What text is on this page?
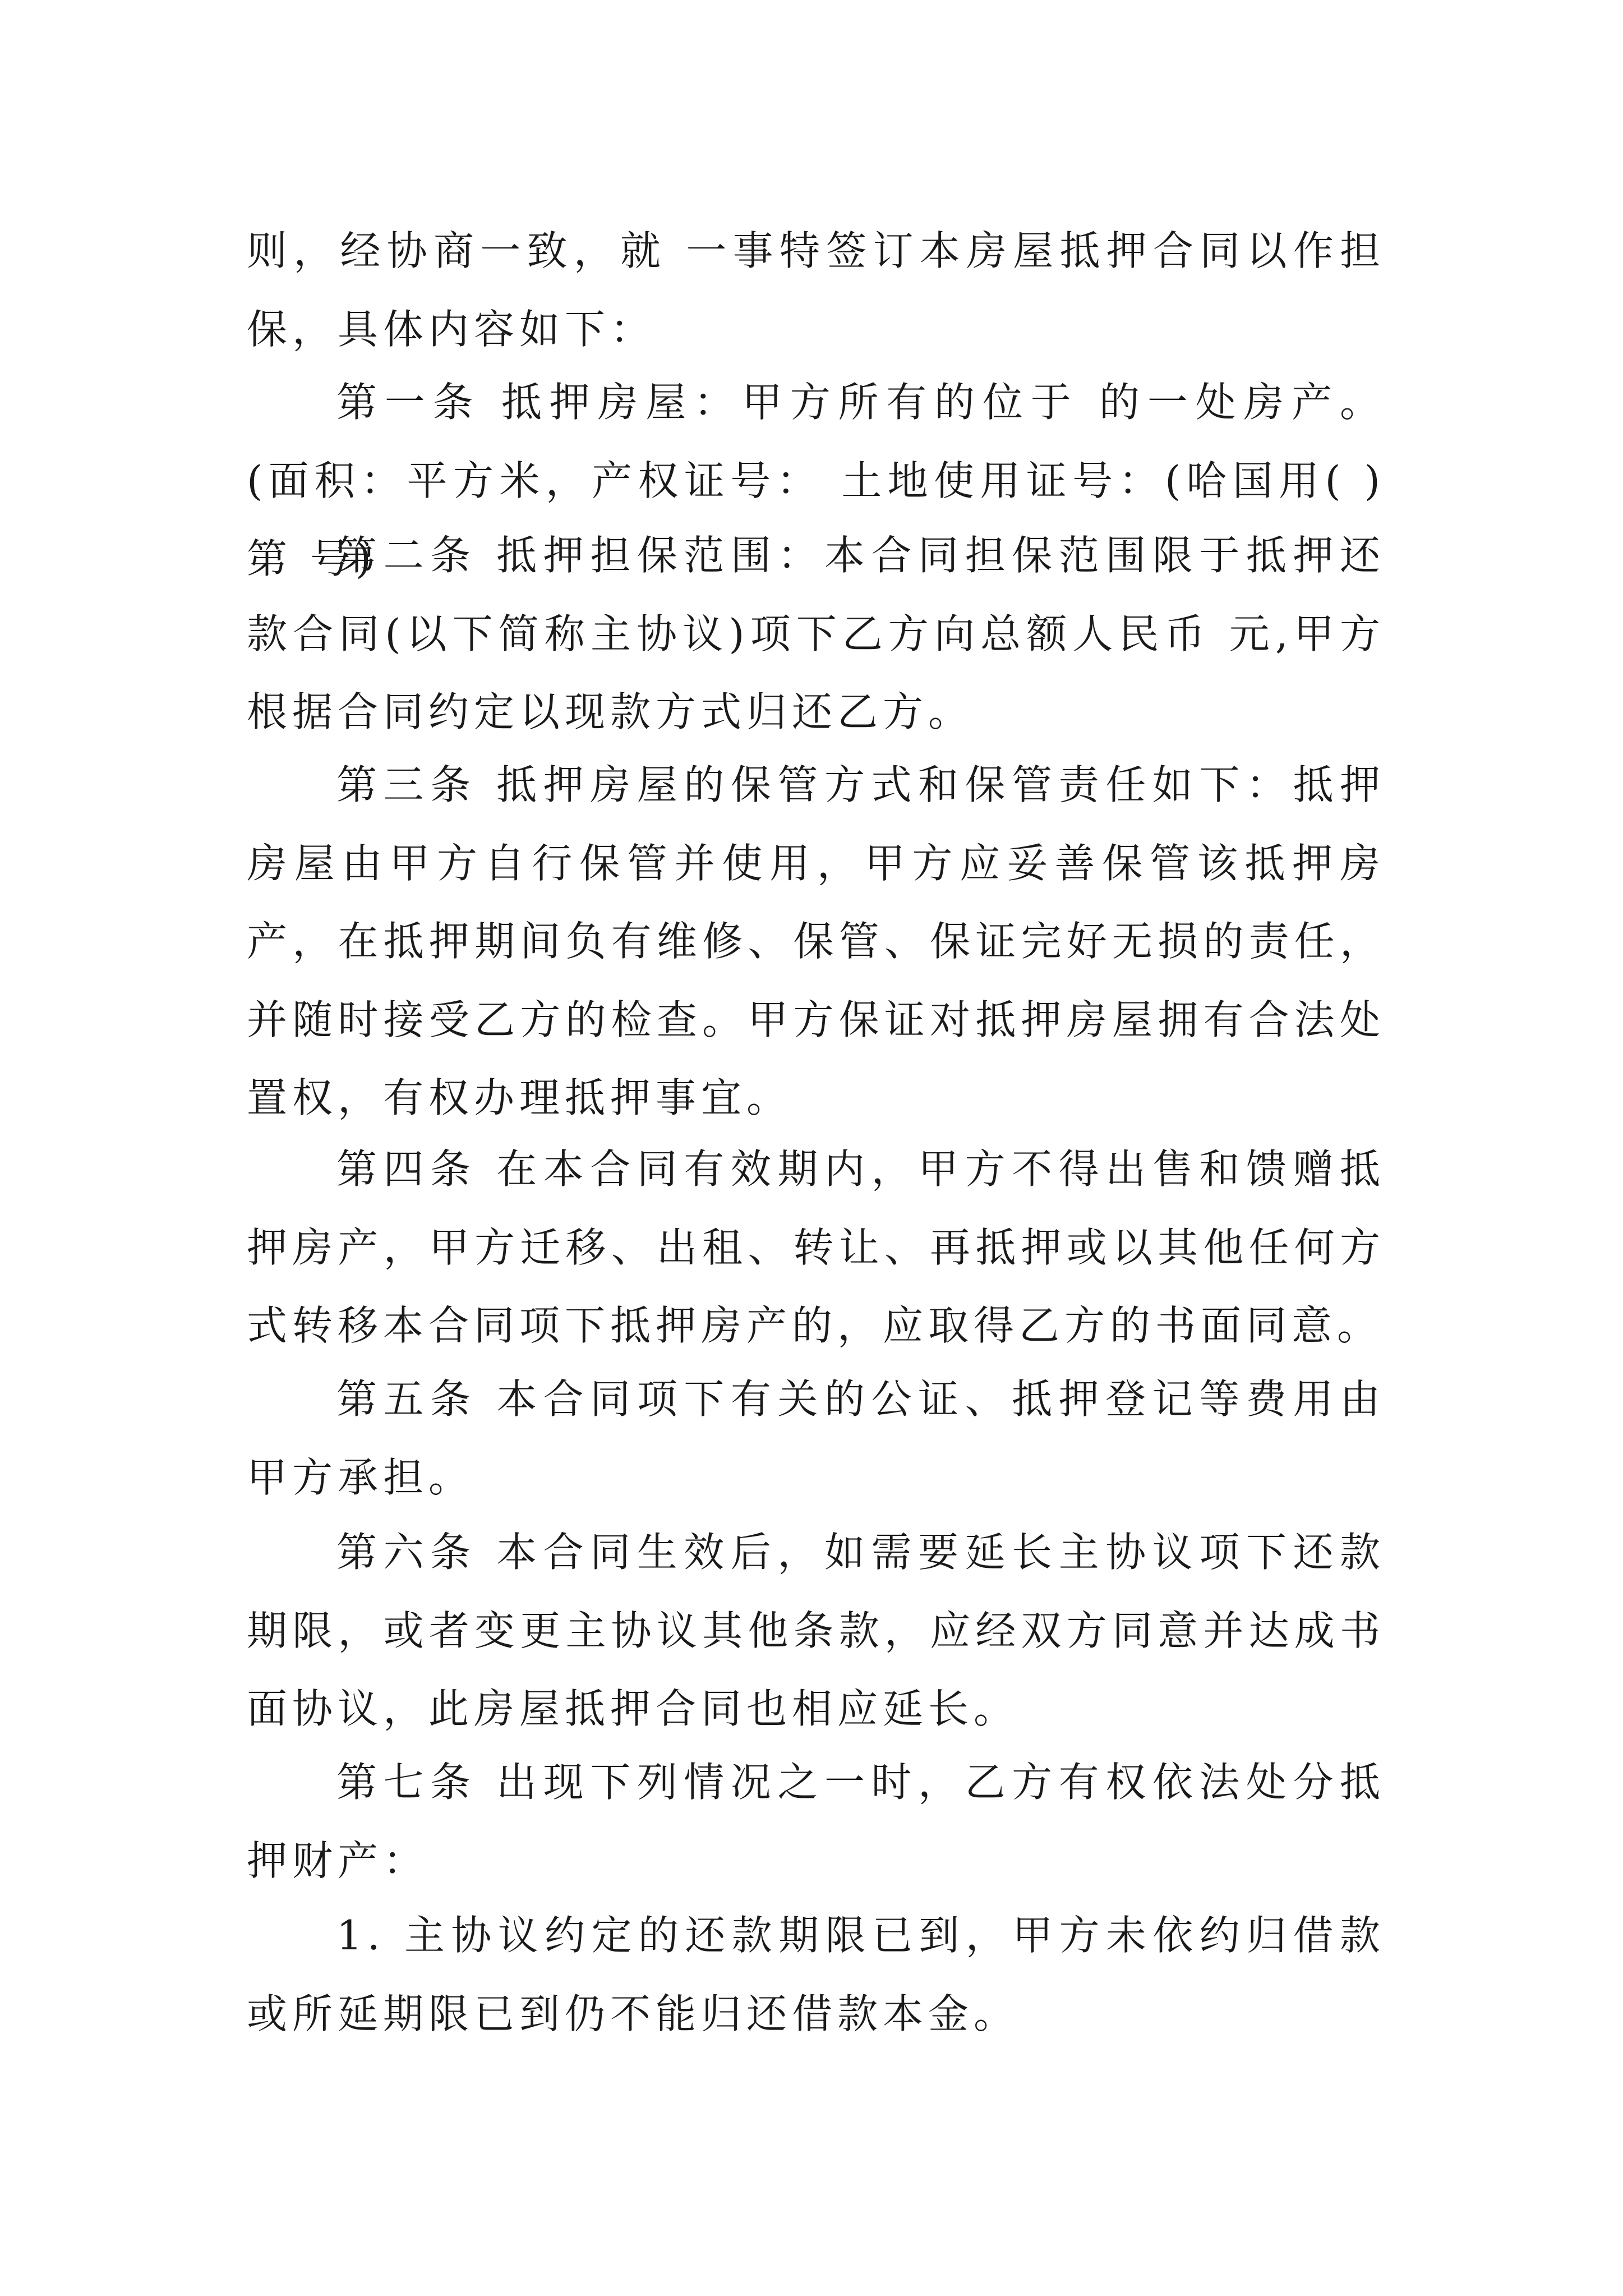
则，经协商一致，就 一事特签订本房屋抵押合同以作担保，具体内容如下：

第一条 抵押房屋：甲方所有的位于 的一处房产。(面积：平方米，产权证号： 土地使用证号：(哈国用( )第 号)

第二条 抵押担保范围：本合同担保范围限于抵押还款合同(以下简称主协议)项下乙方向总额人民币 元,甲方根据合同约定以现款方式归还乙方。

第三条 抵押房屋的保管方式和保管责任如下：抵押房屋由甲方自行保管并使用，甲方应妥善保管该抵押房产，在抵押期间负有维修、保管、保证完好无损的责任，并随时接受乙方的检查。甲方保证对抵押房屋拥有合法处置权，有权办理抵押事宜。

第四条 在本合同有效期内，甲方不得出售和馈赠抵押房产，甲方迁移、出租、转让、再抵押或以其他任何方式转移本合同项下抵押房产的，应取得乙方的书面同意。

第五条 本合同项下有关的公证、抵押登记等费用由甲方承担。

第六条 本合同生效后，如需要延长主协议项下还款期限，或者变更主协议其他条款，应经双方同意并达成书面协议，此房屋抵押合同也相应延长。

第七条 出现下列情况之一时，乙方有权依法处分抵押财产：

1. 主协议约定的还款期限已到，甲方未依约归借款或所延期限已到仍不能归还借款本金。
